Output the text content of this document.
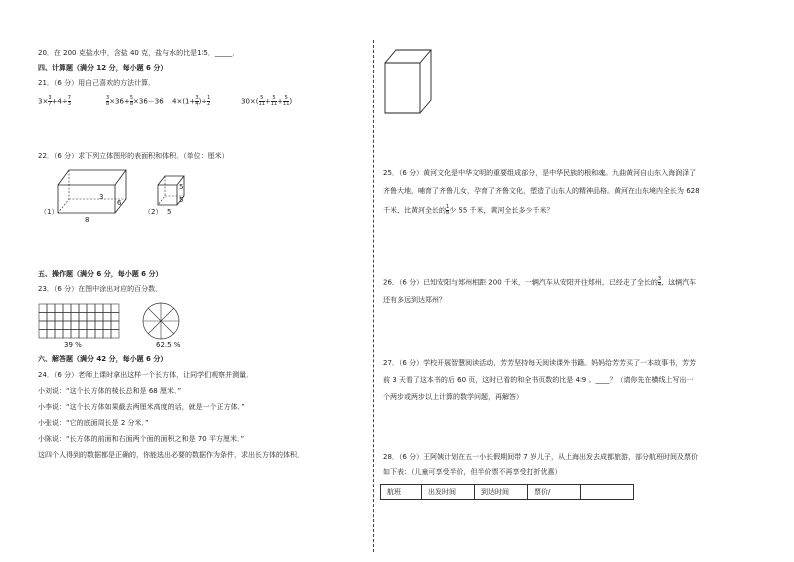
20．在 200 克盐水中，含盐 40 克，盐与水的比是1∶5．_____．
四、计算题（满分 12 分，每小题 6 分）
21．（6 分）用自己喜欢的方法计算．
$3\times \frac{3}{7} +4\div \frac{7}{3}$	$\frac{3}{8} \times 36+ \frac{5}{8} \times 36-36$ $4\times(1+ \frac{3}{4}$ )÷ $\frac{1}{2}$	$30\times( \frac{5}{11} + \frac{5}{11} + \frac{5}{11}$ )
22．（6 分）求下列立体图形的表面积和体积．（单位：厘米）
（1）
3
6
8
（2）
5
5
5
五、操作题（满分 6 分，每小题 6 分）
23．（6 分）在图中涂出对应的百分数．
39 %	62.5 %
六、解答题（满分 42 分，每小题 6 分）
24．（6 分）老师上课时拿出这样一个长方体，让同学们观察并测量．
小刘说：“这个长方体的棱长总和是 68 厘米．”
小李说：“这个长方体如果截去两厘米高度的话，就是一个正方体．”
小张说：“它的底面周长是 2 分米．”
小陈说：“长方体的前面和右面两个面的面积之和是 70 平方厘米．”
这四个人得到的数据都是正确的，你能选出必要的数据作为条件，求出长方体的体积．
25．（6 分）黄河文化是中华文明的重要组成部分，是中华民族的根和魂。九曲黄河自山东入海润泽了
齐鲁大地，哺育了齐鲁儿女，孕育了齐鲁文化，塑造了山东人的精神品格。黄河在山东境内全长为 628
千米，比黄河全长的 $\frac{1}{8}$ 少 55 千米，黄河全长多少千米？
26．（6 分）已知安阳与郑州相距 200 千米，一辆汽车从安阳开往郑州，已经走了全长的 $\frac{3}{4}$ ，这辆汽车
还有多远到达郑州？
27．（6 分）学校开展智慧阅读活动，芳芳坚持每天阅读课外书籍。妈妈给芳芳买了一本故事书，芳芳
前 3 天看了这本书的后 60 页，这时已看的和全书页数的比是 4∶9 。____？（请你先在横线上写出一
个两步或两步以上计算的数学问题，再解答）
28．（6 分）王阿姨计划在五一小长假期间带 7 岁儿子，从上海出发去成都旅游，部分航班时间及票价
如下表：（儿童可享受半价，但半价票不再享受打折优惠）
航班	出发时间	到达时间	票价/	
